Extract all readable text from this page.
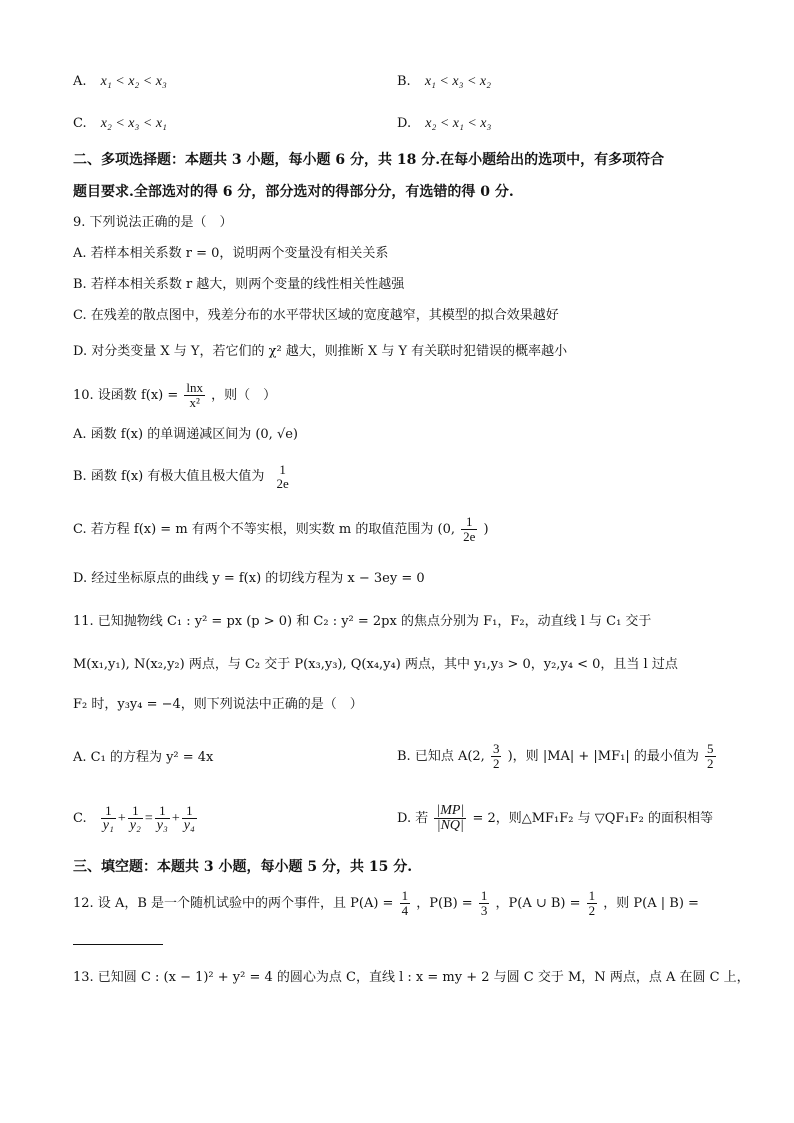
A. x₁ < x₂ < x₃	B. x₁ < x₃ < x₂
C. x₂ < x₃ < x₁	D. x₂ < x₁ < x₃
二、多项选择题：本题共 3 小题，每小题 6 分，共 18 分.在每小题给出的选项中，有多项符合
题目要求.全部选对的得 6 分，部分选对的得部分分，有选错的得 0 分.
9. 下列说法正确的是（　）
A. 若样本相关系数 r = 0，说明两个变量没有相关关系
B. 若样本相关系数 r 越大，则两个变量的线性相关性越强
C. 在残差的散点图中，残差分布的水平带状区域的宽度越窄，其模型的拟合效果越好
D. 对分类变量 X 与 Y，若它们的 χ² 越大，则推断 X 与 Y 有关联时犯错误的概率越小
10. 设函数 $f(x) = \frac{\ln x}{\text{x²}}$ ，则（　）
A. 函数 f(x) 的单调递减区间为 (0, √e)
B. 函数 f(x) 有极大值且极大值为	1
2e
C. 若方程 f(x) = m 有两个不等实根，则实数 m 的取值范围为 (0, $\frac{1}{2e}$ )
D. 经过坐标原点的曲线 y = f(x) 的切线方程为 x − 3ey = 0
11. 已知抛物线 C₁ : y² = px (p > 0) 和 C₂ : y² = 2px 的焦点分别为 F₁，F₂，动直线 l 与 C₁ 交于
M(x₁,y₁), N(x₂,y₂) 两点，与 C₂ 交于 P(x₃,y₃), Q(x₄,y₄) 两点，其中 y₁,y₃ > 0，y₂,y₄ < 0，且当 l 过点
F₂ 时，y₃y₄ = −4，则下列说法中正确的是（　）
A. C₁ 的方程为 y² = 4x	B. 已知点 A(2, $\frac{3}{2}$ )，则 |MA| + |MF₁| 的最小值为 $\frac{5}{2}$
C. $\frac{1}{\text{y₁}} + \frac{1}{\text{y₂}} = \frac{1}{\text{y₃}} + \frac{1}{\text{y₄}}$	D. 若 $\frac{|MP|}{|NQ|} = 2$，则△MF₁F₂ 与 ▽QF₁F₂ 的面积相等
三、填空题：本题共 3 小题，每小题 5 分，共 15 分.
12. 设 A，B 是一个随机试验中的两个事件，且 $P(A) = \frac{1}{4}$ ，$P(B) = \frac{1}{3}$ ，P(A ∪ $B) = \frac{1}{2}$ ，则 P(A | B) =
13. 已知圆 C : (x − 1)² + y² = 4 的圆心为点 C，直线 l : x = my + 2 与圆 C 交于 M，N 两点，点 A 在圆 C 上，
